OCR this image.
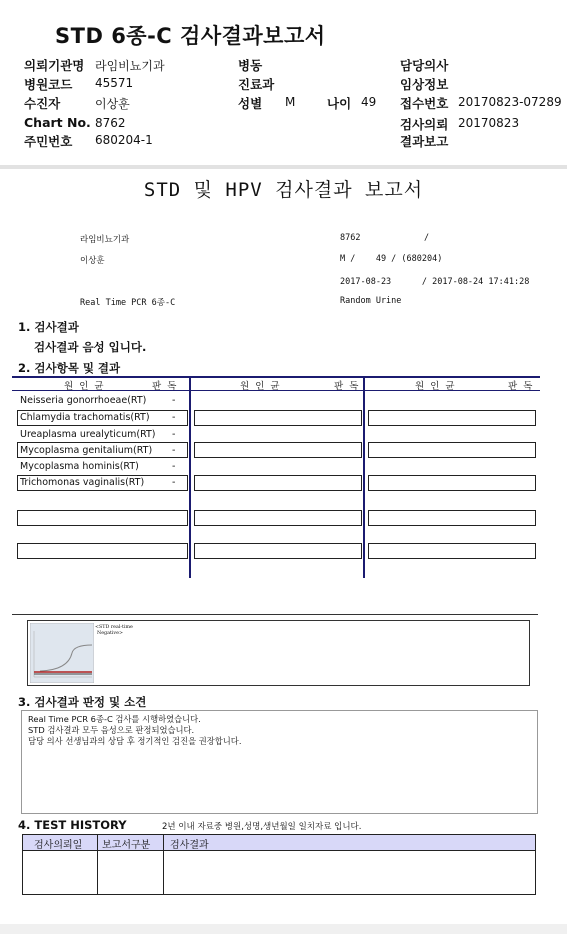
STD 6종-C 검사결과보고서
의뢰기관명 라임비뇨기과	병동	담당의사
병원코드 45571	진료과	임상정보
수진자	이상훈	성별 M	나이 49 접수번호 20170823-07289
Chart No. 8762	검사의뢰 20170823
주민번호 680204-1	결과보고
STD 및 HPV 검사결과 보고서
라임비뇨기과	8762	/
이상훈	M /    49 / (680204)
2017-08-23      / 2017-08-24 17:41:28
Real Time PCR 6종-C	Random Urine
1. 검사결과
검사결과 음성 입니다.
2. 검사항목 및 결과
원  인  균	판  독	원  인  균	판  독	원  인  균	판  독
Neisseria gonorrhoeae(RT)	-
Chlamydia trachomatis(RT) -
Ureaplasma urealyticum(RT) -
Mycoplasma genitalium(RT) -
Mycoplasma hominis(RT)	-
Trichomonas vaginalis(RT)	-
<STD real-time
Negative>
3. 검사결과 판정 및 소견
Real Time PCR 6종-C 검사를 시행하였습니다.
STD 검사결과 모두 음성으로 판정되었습니다.
담당 의사 선생님과의 상담 후 정기적인 검진을 권장합니다.
4. TEST HISTORY	2년 이내 자료중 병원,성명,생년월일 일치자료 입니다.
검사의뢰일 보고서구분 검사결과
